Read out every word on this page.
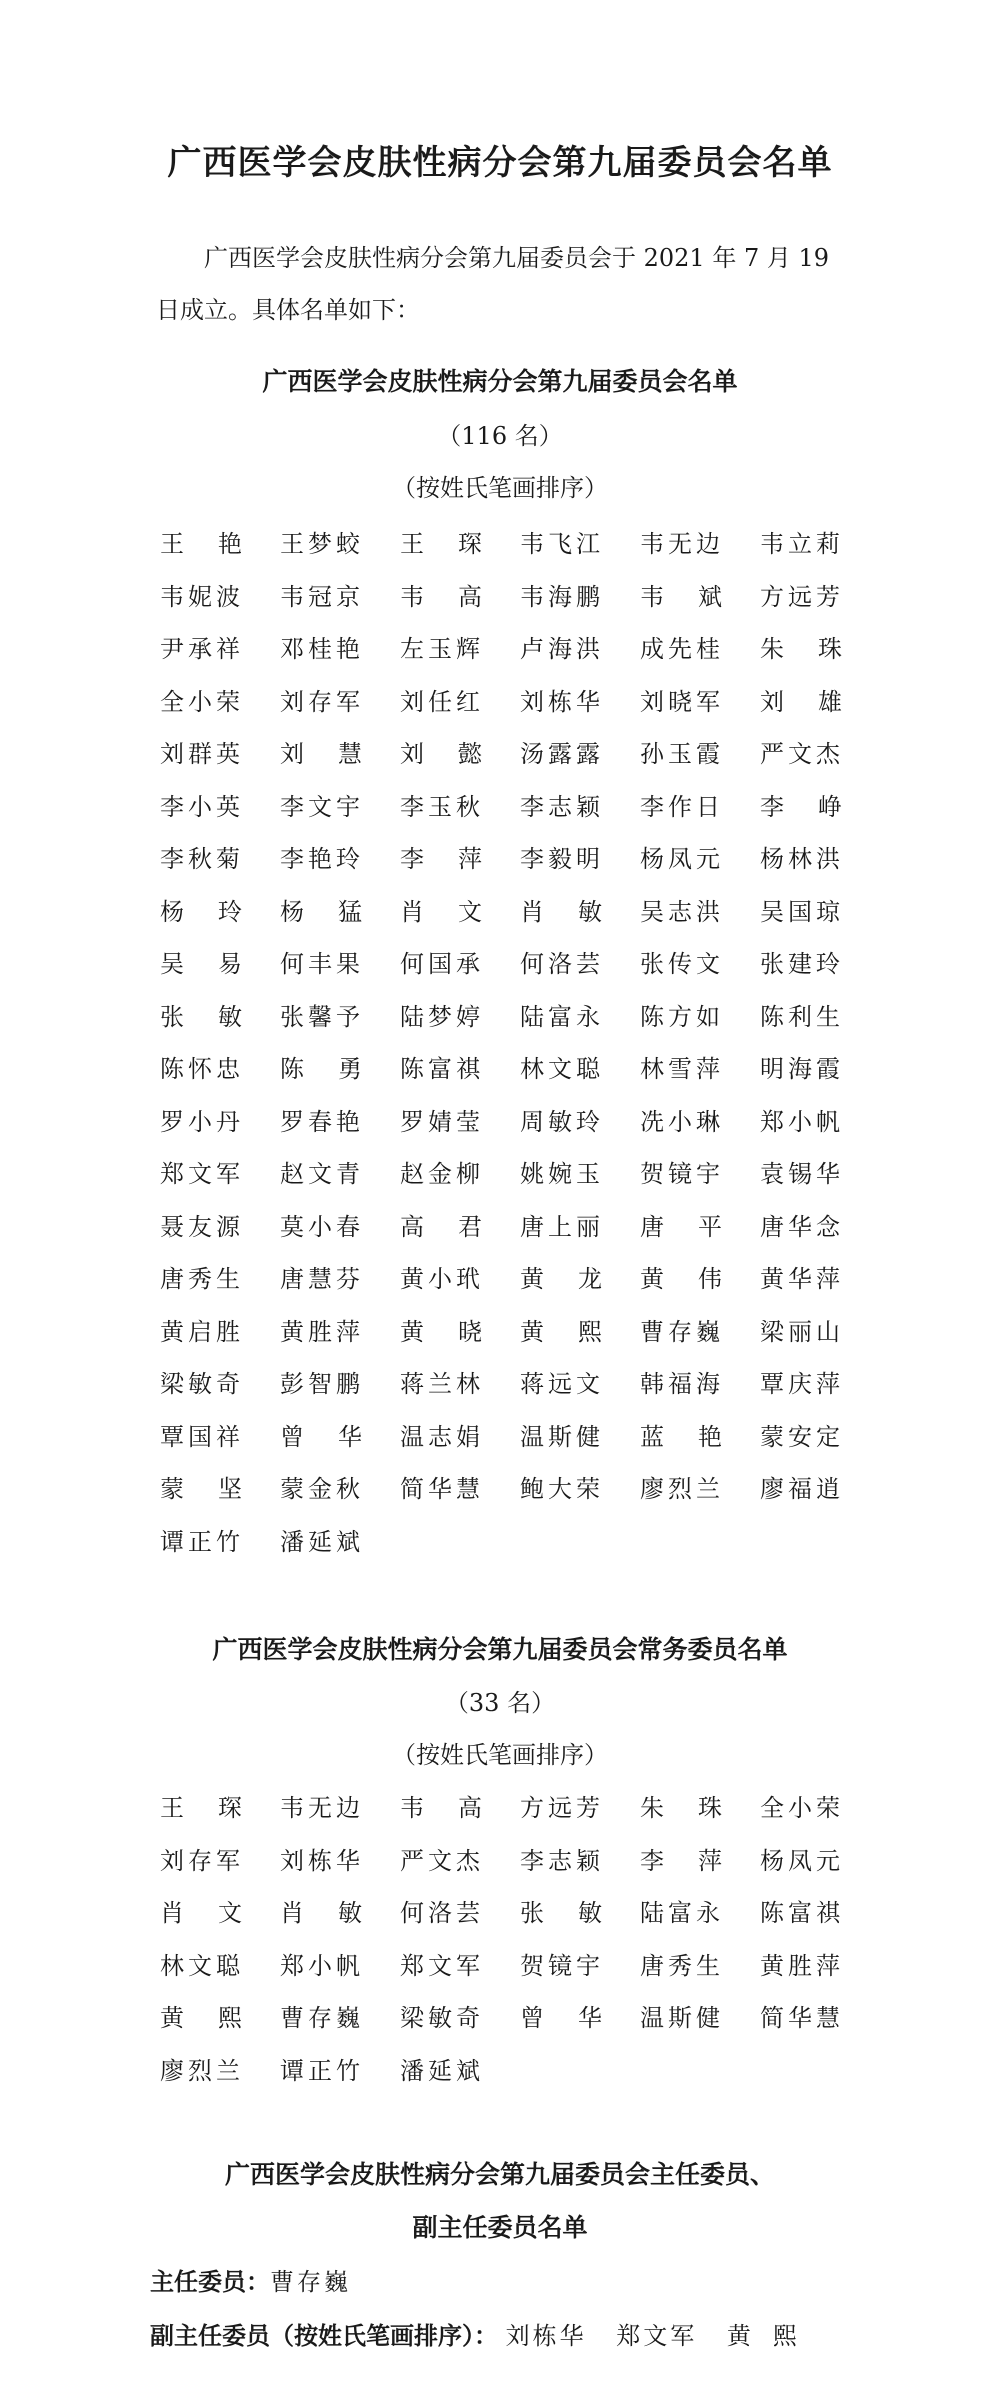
广西医学会皮肤性病分会第九届委员会名单
广西医学会皮肤性病分会第九届委员会于 2021 年 7 月 19

日成立。具体名单如下：
广西医学会皮肤性病分会第九届委员会名单
（116 名）
（按姓氏笔画排序）
王艳	王梦蛟	王琛	韦飞江	韦无边	韦立莉
韦妮波	韦冠京	韦高	韦海鹏	韦斌	方远芳
尹承祥	邓桂艳	左玉辉	卢海洪	成先桂	朱珠
全小荣	刘存军	刘任红	刘栋华	刘晓军	刘雄
刘群英	刘慧	刘懿	汤露露	孙玉霞	严文杰
李小英	李文宇	李玉秋	李志颖	李作日	李峥
李秋菊	李艳玲	李萍	李毅明	杨凤元	杨林洪
杨玲	杨猛	肖文	肖敏	吴志洪	吴国琼
吴易	何丰果	何国承	何洛芸	张传文	张建玲
张敏	张馨予	陆梦婷	陆富永	陈方如	陈利生
陈怀忠	陈勇	陈富祺	林文聪	林雪萍	明海霞
罗小丹	罗春艳	罗婧莹	周敏玲	冼小琳	郑小帆
郑文军	赵文青	赵金柳	姚婉玉	贺镜宇	袁锡华
聂友源	莫小春	高君	唐上丽	唐平	唐华念
唐秀生	唐慧芬	黄小玳	黄龙	黄伟	黄华萍
黄启胜	黄胜萍	黄晓	黄熙	曹存巍	梁丽山
梁敏奇	彭智鹏	蒋兰林	蒋远文	韩福海	覃庆萍
覃国祥	曾华	温志娟	温斯健	蓝艳	蒙安定
蒙坚	蒙金秋	简华慧	鲍大荣	廖烈兰	廖福逍
谭正竹	潘延斌
广西医学会皮肤性病分会第九届委员会常务委员名单
（33 名）
（按姓氏笔画排序）
王琛	韦无边	韦高	方远芳	朱珠	全小荣
刘存军	刘栋华	严文杰	李志颖	李萍	杨凤元
肖文	肖敏	何洛芸	张敏	陆富永	陈富祺
林文聪	郑小帆	郑文军	贺镜宇	唐秀生	黄胜萍
黄熙	曹存巍	梁敏奇	曾华	温斯健	简华慧
廖烈兰	谭正竹	潘延斌
广西医学会皮肤性病分会第九届委员会主任委员、
副主任委员名单
主任委员：曹存巍
副主任委员（按姓氏笔画排序）： 刘栋华 郑文军 黄熙
